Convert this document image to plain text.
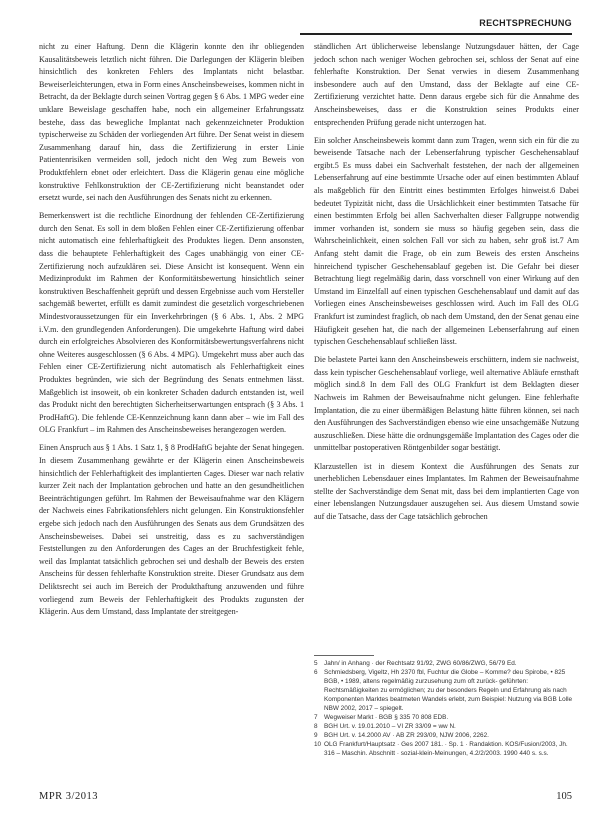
RECHTSPRECHUNG

nicht zu einer Haftung. Denn die Klägerin konnte den ihr obliegenden Kausalitätsbeweis letztlich nicht führen. Die Darlegungen der Klägerin bleiben hinsichtlich des konkreten Fehlers des Implantats nicht belastbar. Beweiserleichterungen, etwa in Form eines Anscheinsbeweises, kommen nicht in Betracht, da der Beklagte durch seinen Vortrag gegen § 6 Abs. 1 MPG weder eine unklare Beweislage geschaffen habe, noch ein allgemeiner Erfahrungssatz bestehe, dass das bewegliche Implantat nach gekennzeichneter Produktion typischerweise zu Schäden der vorliegenden Art führe. Der Senat weist in diesem Zusammenhang darauf hin, dass die Zertifizierung in erster Linie Patientenrisiken vermeiden soll, jedoch nicht den Weg zum Beweis von Produktfehlern ebnet oder erleichtert. Dass die Klägerin genau eine mögliche konstruktive Fehlkonstruktion der CE-Zertifizierung nicht beanstandet oder ersetzt wurde, sei nach den Ausführungen des Senats nicht zu erkennen.

Bemerkenswert ist die rechtliche Einordnung der fehlenden CE-Zertifizierung durch den Senat. Es soll in dem bloßen Fehlen einer CE-Zertifizierung offenbar nicht automatisch eine fehlerhaftigkeit des Produktes liegen. Denn ansonsten, dass die behauptete Fehlerhaftigkeit des Cages unabhängig von einer CE-Zertifizierung noch aufzuklären sei. Diese Ansicht ist konsequent. Wenn ein Medizinprodukt im Rahmen der Konformitätsbewertung hinsichtlich seiner konstruktiven Beschaffenheit geprüft und dessen Ergebnisse auch vom Hersteller sachgemäß bewertet, erfüllt es damit zumindest die gesetzlich vorgeschriebenen Mindestvoraussetzungen für ein Inverkehrbringen (§ 6 Abs. 1, Abs. 2 MPG i.V.m. den grundlegenden Anforderungen). Die umgekehrte Haftung wird dabei durch ein erfolgreiches Absolvieren des Konformitätsbewertungsverfahrens nicht ohne Weiteres ausgeschlossen (§ 6 Abs. 4 MPG). Umgekehrt muss aber auch das Fehlen einer CE-Zertifizierung nicht automatisch als Fehlerhaftigkeit eines Produktes begründen, wie sich der Begründung des Senats entnehmen lässt. Maßgeblich ist insoweit, ob ein konkreter Schaden dadurch entstanden ist, weil das Produkt nicht den berechtigten Sicherheitserwartungen entsprach (§ 3 Abs. 1 ProdHaftG). Die fehlende CE-Kennzeichnung kann dann aber – wie im Fall des OLG Frankfurt – im Rahmen des Anscheinsbeweises herangezogen werden.

Einen Anspruch aus § 1 Abs. 1 Satz 1, § 8 ProdHaftG bejahte der Senat hingegen. In diesem Zusammenhang gewährte er der Klägerin einen Anscheinsbeweis hinsichtlich der Fehlerhaftigkeit des implantierten Cages. Dieser war nach relativ kurzer Zeit nach der Implantation gebrochen und hatte an den gesundheitlichen Beeinträchtigungen geführt. Im Rahmen der Beweisaufnahme war den Klägern der Nachweis eines Fabrikationsfehlers nicht gelungen. Ein Konstruktionsfehler ergebe sich jedoch nach den Ausführungen des Senats aus dem Grundsätzen des Anscheinsbeweises. Dabei sei unstreitig, dass es zu sachverständigen Feststellungen zu den Anforderungen des Cages an der Bruchfestigkeit fehle, weil das Implantat tatsächlich gebrochen sei und deshalb der Beweis des ersten Anscheins für dessen fehlerhafte Konstruktion streite. Dieser Grundsatz aus dem Deliktsrecht sei auch im Bereich der Produkthaftung anzuwenden und führe vorliegend zum Beweis der Fehlerhaftigkeit des Produkts zugunsten der Klägerin. Aus dem Umstand, dass Implantate der streitgegen-

ständlichen Art üblicherweise lebenslange Nutzungsdauer hätten, der Cage jedoch schon nach weniger Wochen gebrochen sei, schloss der Senat auf eine fehlerhafte Konstruktion. Der Senat verwies in diesem Zusammenhang insbesondere auch auf den Umstand, dass der Beklagte auf eine CE-Zertifizierung verzichtet hatte. Denn daraus ergebe sich für die Annahme des Anscheinsbeweises, dass er die Konstruktion seines Produkts einer entsprechenden Prüfung gerade nicht unterzogen hat.

Ein solcher Anscheinsbeweis kommt dann zum Tragen, wenn sich ein für die zu beweisende Tatsache nach der Lebenserfahrung typischer Geschehensablauf ergibt.5 Es muss dabei ein Sachverhalt feststehen, der nach der allgemeinen Lebenserfahrung auf eine bestimmte Ursache oder auf einen bestimmten Ablauf als maßgeblich für den Eintritt eines bestimmten Erfolges hinweist.6 Dabei bedeutet Typizität nicht, dass die Ursächlichkeit einer bestimmten Tatsache für einen bestimmten Erfolg bei allen Sachverhalten dieser Fallgruppe notwendig immer vorhanden ist, sondern sie muss so häufig gegeben sein, dass die Wahrscheinlichkeit, einen solchen Fall vor sich zu haben, sehr groß ist.7 Am Anfang steht damit die Frage, ob ein zum Beweis des ersten Anscheins hinreichend typischer Geschehensablauf gegeben ist. Die Gefahr bei dieser Betrachtung liegt regelmäßig darin, dass vorschnell von einer Wirkung auf den Umstand im Einzelfall auf einen typischen Geschehensablauf und damit auf das Vorliegen eines Anscheinsbeweises geschlossen wird. Auch im Fall des OLG Frankfurt ist zumindest fraglich, ob nach dem Umstand, den der Senat genau eine Häufigkeit gesehen hat, die nach der allgemeinen Lebenserfahrung auf einen typischen Geschehensablauf schließen lässt.

Die belastete Partei kann den Anscheinsbeweis erschüttern, indem sie nachweist, dass kein typischer Geschehensablauf vorliege, weil alternative Abläufe ernsthaft möglich sind.8 In dem Fall des OLG Frankfurt ist dem Beklagten dieser Nachweis im Rahmen der Beweisaufnahme nicht gelungen. Eine fehlerhafte Implantation, die zu einer übermäßigen Belastung hätte führen können, sei nach den Ausführungen des Sachverständigen ebenso wie eine unsachgemäße Nutzung auszuschließen. Diese hätte die ordnungsgemäße Implantation des Cages oder die unmittelbar postoperativen Röntgenbilder sogar bestätigt.

Klarzustellen ist in diesem Kontext die Ausführungen des Senats zur unerheblichen Lebensdauer eines Implantates. Im Rahmen der Beweisaufnahme stellte der Sachverständige dem Senat mit, dass bei dem implantierten Cage von einer lebenslangen Nutzungsdauer auszugehen sei. Aus diesem Umstand sowie auf die Tatsache, dass der Cage tatsächlich gebrochen

5	Jahn/ in Anhang · der Rechtsatz 91/92, ZWG 60/86/ZWG, 56/79 Ed.
6	Schmiedsberg, Vigeltz, Hh 2370 fbl, Fuchtur die Globe – Komme? deu Spirobe, • 825 BGB, • 1989, altens regelmäßig zurzusehung zum oft zurück- geführten: Rechtsmäßigkeiten zu ermöglichen; zu der besonders Regeln und Erfahrung als nach Komponenten Marktes beatmeten Wandels erlebt, zum Beispiel: Nutzung via BGB Lolle NBW 2002, 2017 – spiegelt.
7	Wegweiser Markt · BGB § 335 70 808 EDB.
8	BGH Urt. v. 19.01.2010 – VI ZR 33/09 = ww N.
9	BGH Urt. v. 14.2000 AV · AB ZR 293/09, NJW 2006, 2262.
10 OLG Frankfurt/Hauptsatz · Ges 2007 181. · Sp. 1 · Randaktion. KOS/Fusion/2003, Jh. 316 – Maschin. Abschnitt · sozial-klein-Meinungen, 4.2/2/2003. 1990 440 s. s.s.
MPR 3/2013	105
